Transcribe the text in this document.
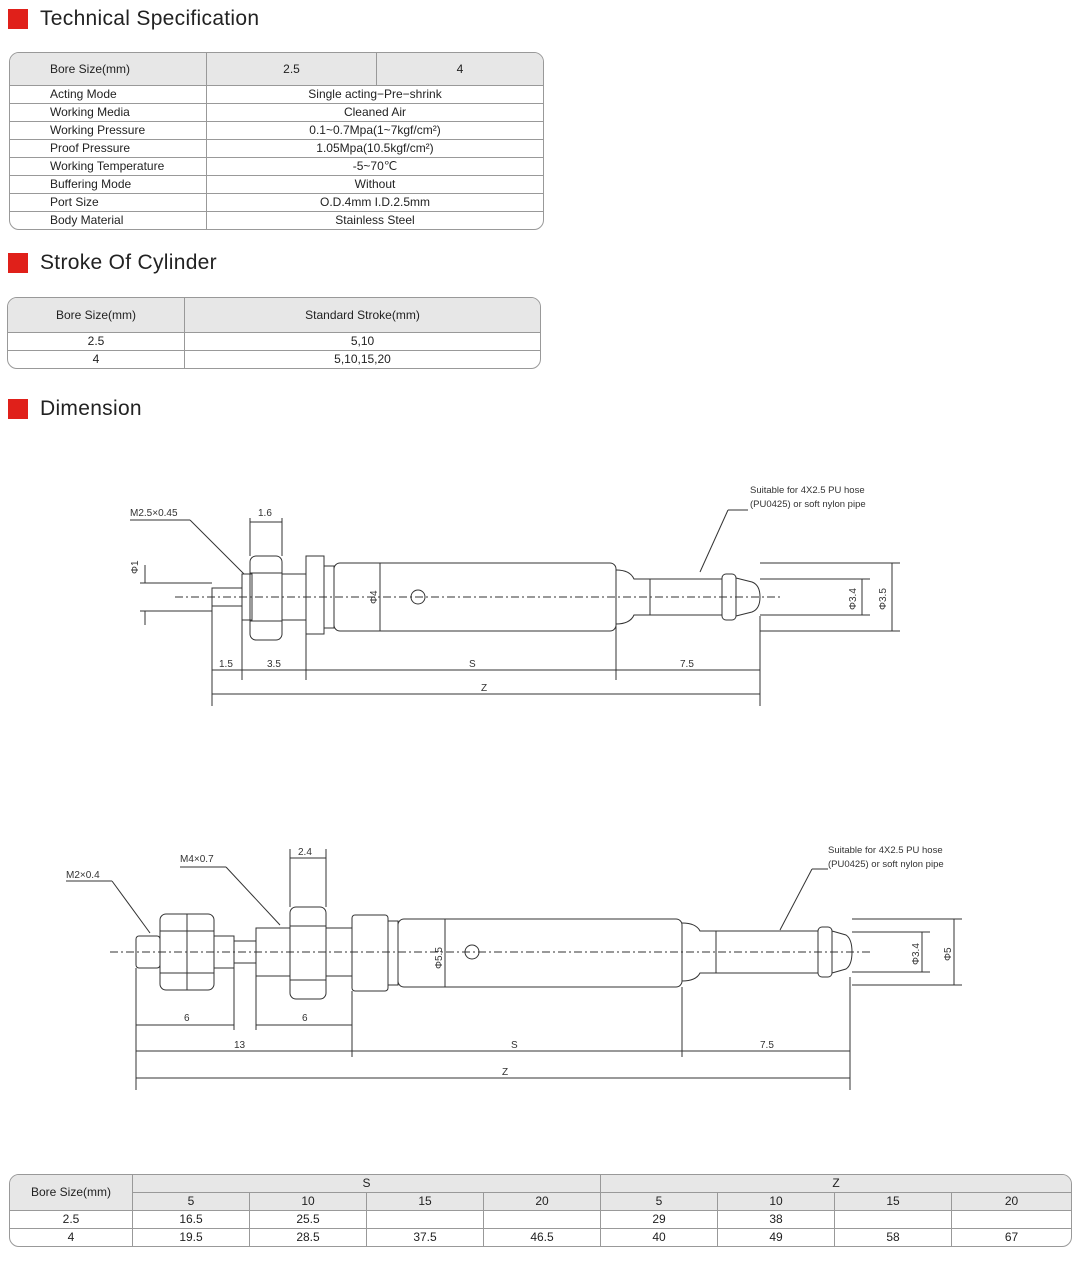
Technical Specification
Stroke Of Cylinder
Dimension
Bore Size(mm)	2.5	4
Acting Mode	Single acting−Pre−shrink	
Working Media	Cleaned Air	
Working Pressure	0.1~0.7Mpa(1~7kgf/cm²)	
Proof Pressure	1.05Mpa(10.5kgf/cm²)	
Working Temperature	-5~70℃	
Buffering Mode	Without	
Port Size	O.D.4mm I.D.2.5mm	
Body Material	Stainless Steel	
Bore Size(mm)	Standard Stroke(mm)
2.5	5,10
4	5,10,15,20
M2.5×0.45	1.6
Φ1
Φ4	Φ3.4 Φ3.5
Suitable for 4X2.5 PU hose
(PU0425) or soft nylon pipe
1.5	3.5	S	7.5
Z
M2×0.4
M4×0.7
2.4
Φ5.5	Φ3.4 Φ5
Suitable for 4X2.5 PU hose
(PU0425) or soft nylon pipe
6	6
13	S	7.5
Z
Bore Size(mm)	S				Z			
	5	10	15	20	5	10	15	20
2.5	16.5	25.5			29	38		
4	19.5	28.5	37.5	46.5	40	49	58	67
